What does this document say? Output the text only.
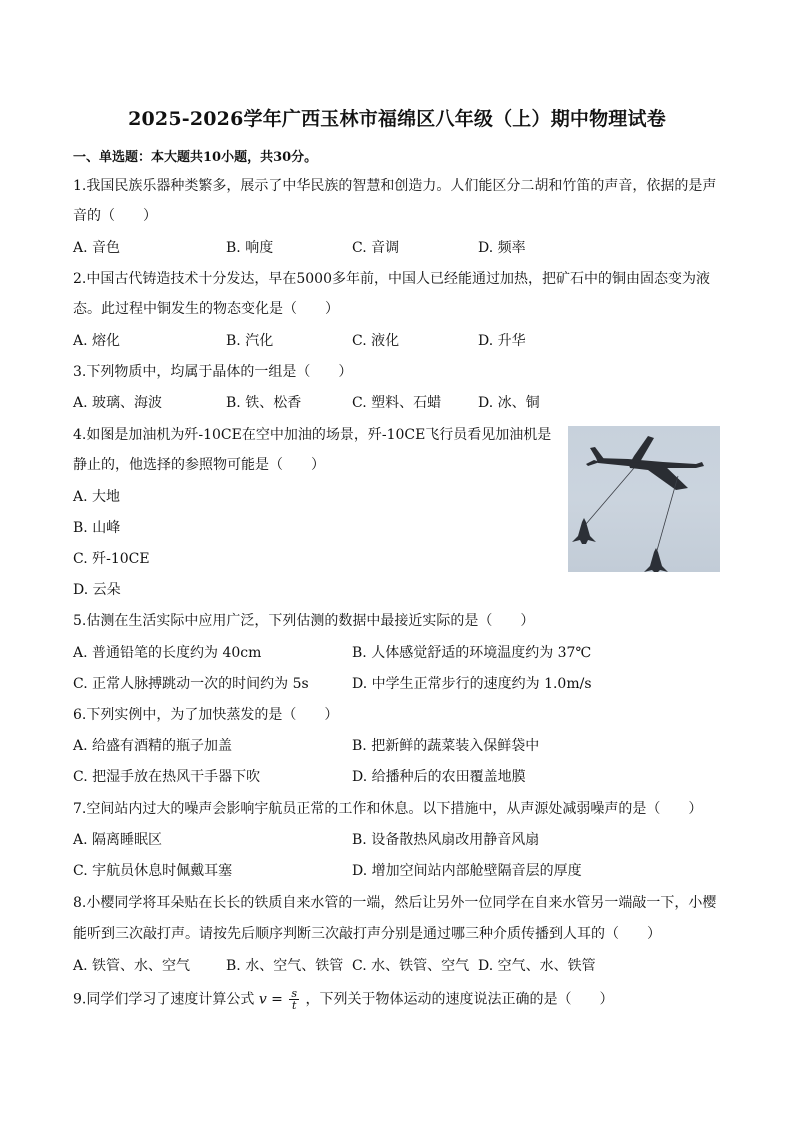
2025-2026学年广西玉林市福绵区八年级（上）期中物理试卷
一、单选题：本大题共10小题，共30分。
1.我国民族乐器种类繁多，展示了中华民族的智慧和创造力。人们能区分二胡和竹笛的声音，依据的是声
音的（　　）
A. 音色	B. 响度	C. 音调	D. 频率
2.中国古代铸造技术十分发达，早在5000多年前，中国人已经能通过加热，把矿石中的铜由固态变为液
态。此过程中铜发生的物态变化是（　　）
A. 熔化	B. 汽化	C. 液化	D. 升华
3.下列物质中，均属于晶体的一组是（　　）
A. 玻璃、海波	B. 铁、松香	C. 塑料、石蜡	D. 冰、铜
4.如图是加油机为歼-10CE在空中加油的场景，歼-10CE飞行员看见加油机是
静止的，他选择的参照物可能是（　　）
A. 大地
B. 山峰
C. 歼-10CE
D. 云朵
5.估测在生活实际中应用广泛，下列估测的数据中最接近实际的是（　　）
A. 普通铅笔的长度约为 40cm	B. 人体感觉舒适的环境温度约为 37℃
C. 正常人脉搏跳动一次的时间约为 5s	D. 中学生正常步行的速度约为 1.0m/s
6.下列实例中，为了加快蒸发的是（　　）
A. 给盛有酒精的瓶子加盖	B. 把新鲜的蔬菜装入保鲜袋中
C. 把湿手放在热风干手器下吹	D. 给播种后的农田覆盖地膜
7.空间站内过大的噪声会影响宇航员正常的工作和休息。以下措施中，从声源处减弱噪声的是（　　）
A. 隔离睡眠区	B. 设备散热风扇改用静音风扇
C. 宇航员休息时佩戴耳塞	D. 增加空间站内部舱壁隔音层的厚度
8.小樱同学将耳朵贴在长长的铁质自来水管的一端，然后让另外一位同学在自来水管另一端敲一下，小樱
能听到三次敲打声。请按先后顺序判断三次敲打声分别是通过哪三种介质传播到人耳的（　　）
A. 铁管、水、空气	B. 水、空气、铁管 C. 水、铁管、空气 D. 空气、水、铁管
9.同学们学习了速度计算公式 $v = \frac{s}{t}$ ，下列关于物体运动的速度说法正确的是（　　）
